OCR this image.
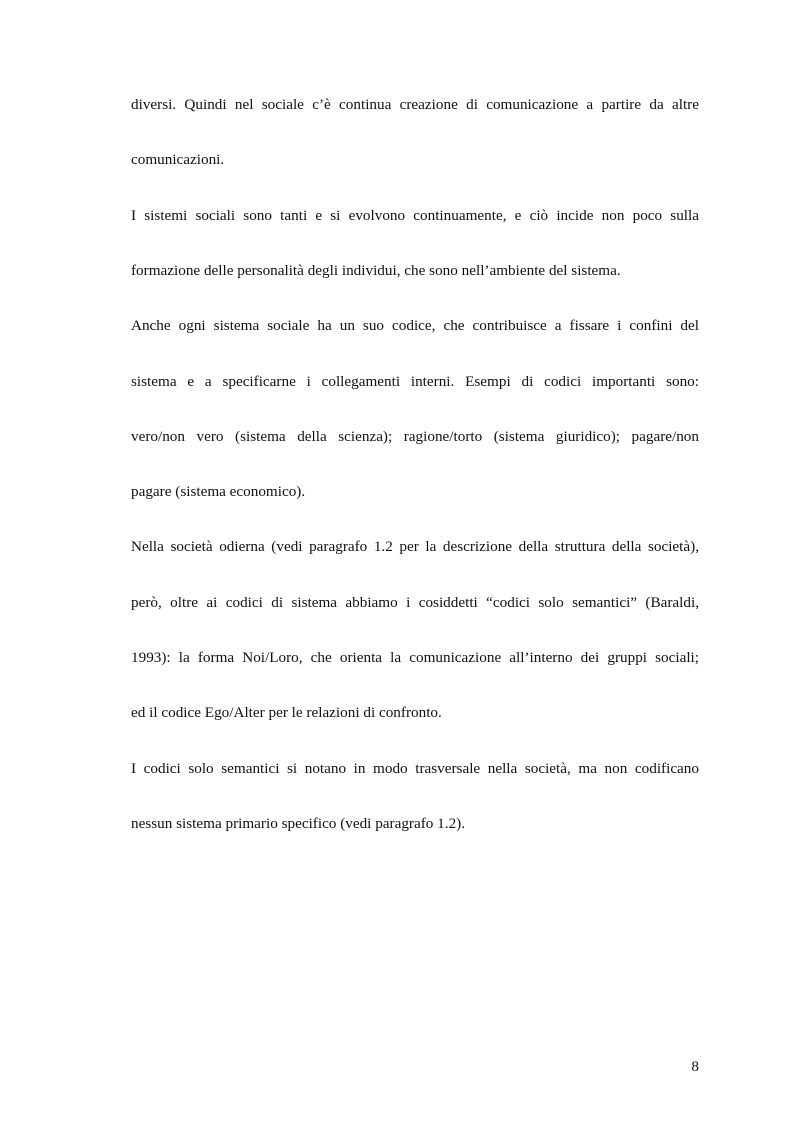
diversi. Quindi nel sociale c’è continua creazione di comunicazione a partire da altre
comunicazioni.
I sistemi sociali sono tanti e si evolvono continuamente, e ciò incide non poco sulla
formazione delle personalità degli individui, che sono nell’ambiente del sistema.
Anche ogni sistema sociale ha un suo codice, che contribuisce a fissare i confini del
sistema e a specificarne i collegamenti interni. Esempi di codici importanti sono:
vero/non vero (sistema della scienza); ragione/torto (sistema giuridico); pagare/non
pagare (sistema economico).
Nella società odierna (vedi paragrafo 1.2 per la descrizione della struttura della società),
però, oltre ai codici di sistema abbiamo i cosiddetti “codici solo semantici” (Baraldi,
1993): la forma Noi/Loro, che orienta la comunicazione all’interno dei gruppi sociali;
ed il codice Ego/Alter per le relazioni di confronto.
I codici solo semantici si notano in modo trasversale nella società, ma non codificano
nessun sistema primario specifico (vedi paragrafo 1.2).
8
